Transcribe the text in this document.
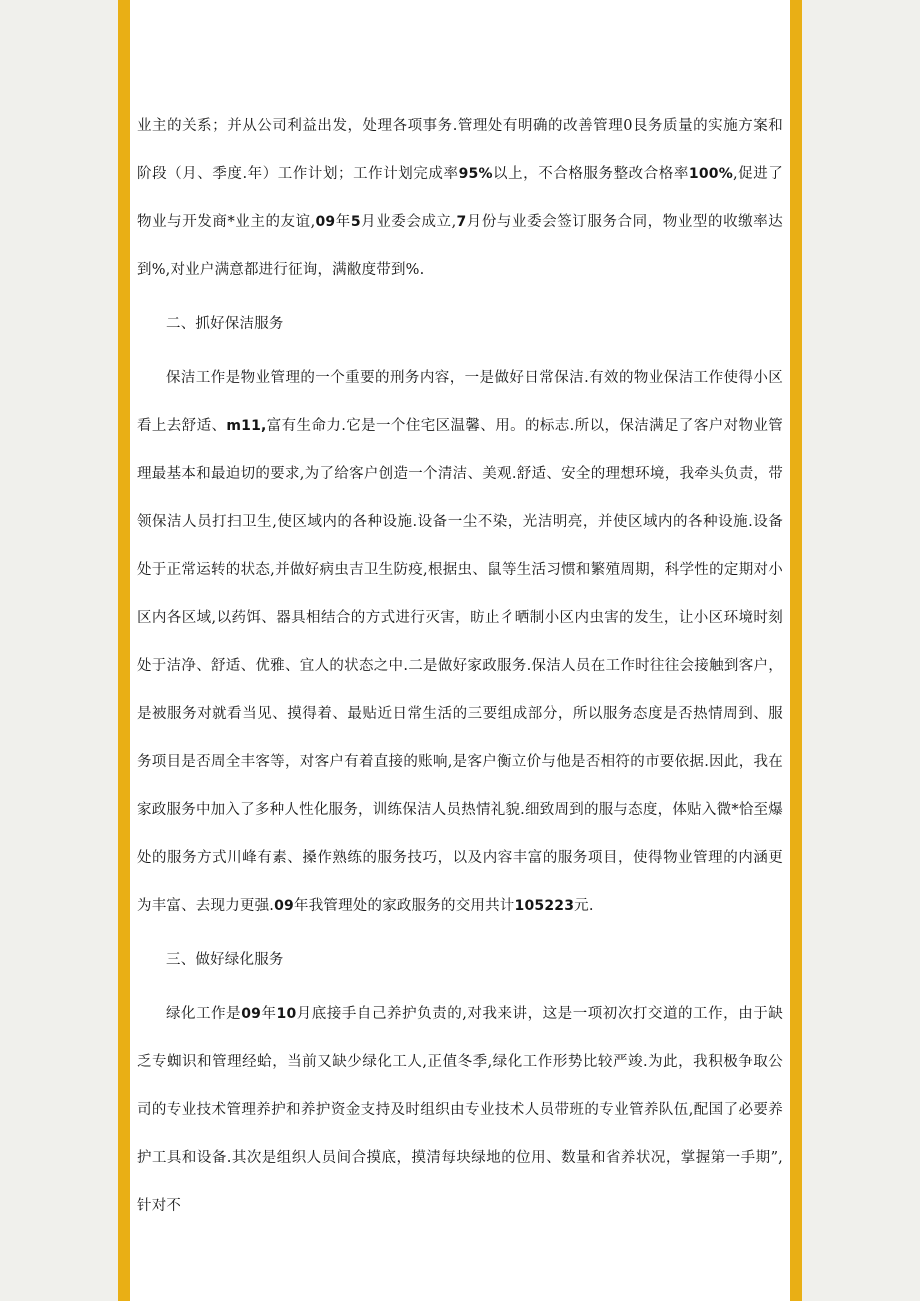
业主的关系；并从公司利益出发，处理各项事务.管理处有明确的改善管理0艮务质量的实施方案和阶段（月、季度.年）工作计划；工作计划完成率95%以上，不合格服务整改合格率100%,促进了物业与开发商*业主的友谊,09年5月业委会成立,7月份与业委会签订服务合同，物业型的收缴率达到%,对业户满意都进行征询，满敝度带到%.

二、抓好保洁服务

保洁工作是物业管理的一个重要的刑务内容，一是做好日常保洁.有效的物业保洁工作使得小区看上去舒适、m11,富有生命力.它是一个住宅区温馨、用。的标志.所以，保洁满足了客户对物业管理最基本和最迫切的要求,为了给客户创造一个清洁、美观.舒适、安全的理想环境，我牵头负责，带领保洁人员打扫卫生,使区域内的各种设施.设备一尘不染，光洁明亮，并使区域内的各种设施.设备处于正常运转的状态,并做好病虫吉卫生防疫,根据虫、鼠等生活习惯和繁殖周期，科学性的定期对小区内各区域,以药饵、器具相结合的方式进行灭害，眆止彳晒制小区内虫害的发生，让小区环境时刻处于洁净、舒适、优雅、宜人的状态之中.二是做好家政服务.保洁人员在工作时往往会接触到客户，是被服务对就看当见、摸得着、最贴近日常生活的三要组成部分，所以服务态度是否热情周到、服务项目是否周全丰客等，对客户有着直接的账响,是客户衡立价与他是否相符的市要依据.因此，我在家政服务中加入了多种人性化服务，训练保洁人员热情礼貌.细致周到的服与态度，体贴入微*恰至爆处的服务方式川峰有素、搡作熟练的服务技巧，以及内容丰富的服务项目，使得物业管理的内涵更为丰富、去现力更强.09年我管理处的家政服务的交用共计105223元.

三、做好绿化服务

绿化工作是09年10月底接手自己养护负责的,对我来讲，这是一项初次打交道的工作，由于缺乏专蜘识和管理经蛤，当前又缺少绿化工人,正值冬季,绿化工作形势比较严竣.为此，我积极争取公司的专业技术管理养护和养护资金支持及时组织由专业技术人员带班的专业管养队伍,配国了必要养护工具和设备.其次是组织人员间合摸底，摸清每块绿地的位用、数量和省养状况，掌握第一手期”,针对不
